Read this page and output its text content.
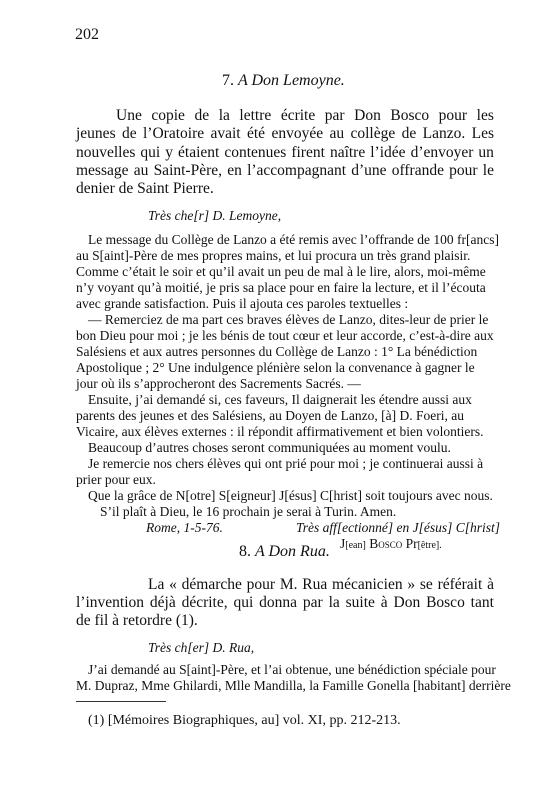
202
7. A Don Lemoyne.
Une copie de la lettre écrite par Don Bosco pour les
jeunes de l’Oratoire avait été envoyée au collège de Lanzo. Les
nouvelles qui y étaient contenues firent naître l’idée d’envoyer un
message au Saint-Père, en l’accompagnant d’une offrande pour le
denier de Saint Pierre.
Très che[r] D. Lemoyne,
Le message du Collège de Lanzo a été remis avec l’offrande de 100 fr[ancs]
au S[aint]-Père de mes propres mains, et lui procura un très grand plaisir.
Comme c’était le soir et qu’il avait un peu de mal à le lire, alors, moi-même
n’y voyant qu’à moitié, je pris sa place pour en faire la lecture, et il l’écouta
avec grande satisfaction. Puis il ajouta ces paroles textuelles :
— Remerciez de ma part ces braves élèves de Lanzo, dites-leur de prier le
bon Dieu pour moi ; je les bénis de tout cœur et leur accorde, c’est-à-dire aux
Salésiens et aux autres personnes du Collège de Lanzo : 1° La bénédiction
Apostolique ; 2° Une indulgence plénière selon la convenance à gagner le
jour où ils s’approcheront des Sacrements Sacrés. —
Ensuite, j’ai demandé si, ces faveurs, Il daignerait les étendre aussi aux
parents des jeunes et des Salésiens, au Doyen de Lanzo, [à] D. Foeri, au
Vicaire, aux élèves externes : il répondit affirmativement et bien volontiers.
Beaucoup d’autres choses seront communiquées au moment voulu.
Je remercie nos chers élèves qui ont prié pour moi ; je continuerai aussi à
prier pour eux.
Que la grâce de N[otre] S[eigneur] J[ésus] C[hrist] soit toujours avec nous.
S’il plaît à Dieu, le 16 prochain je serai à Turin. Amen.
Rome, 1-5-76.	Très aff[ectionné] en J[ésus] C[hrist]
J[ean] Bosco Pr[être].
8. A Don Rua.
La « démarche pour M. Rua mécanicien » se référait à
l’invention déjà décrite, qui donna par la suite à Don Bosco tant
de fil à retordre (1).
Très ch[er] D. Rua,
J’ai demandé au S[aint]-Père, et l’ai obtenue, une bénédiction spéciale pour
M. Dupraz, Mme Ghilardi, Mlle Mandilla, la Famille Gonella [habitant] derrière
(1) [Mémoires Biographiques, au] vol. XI, pp. 212-213.
